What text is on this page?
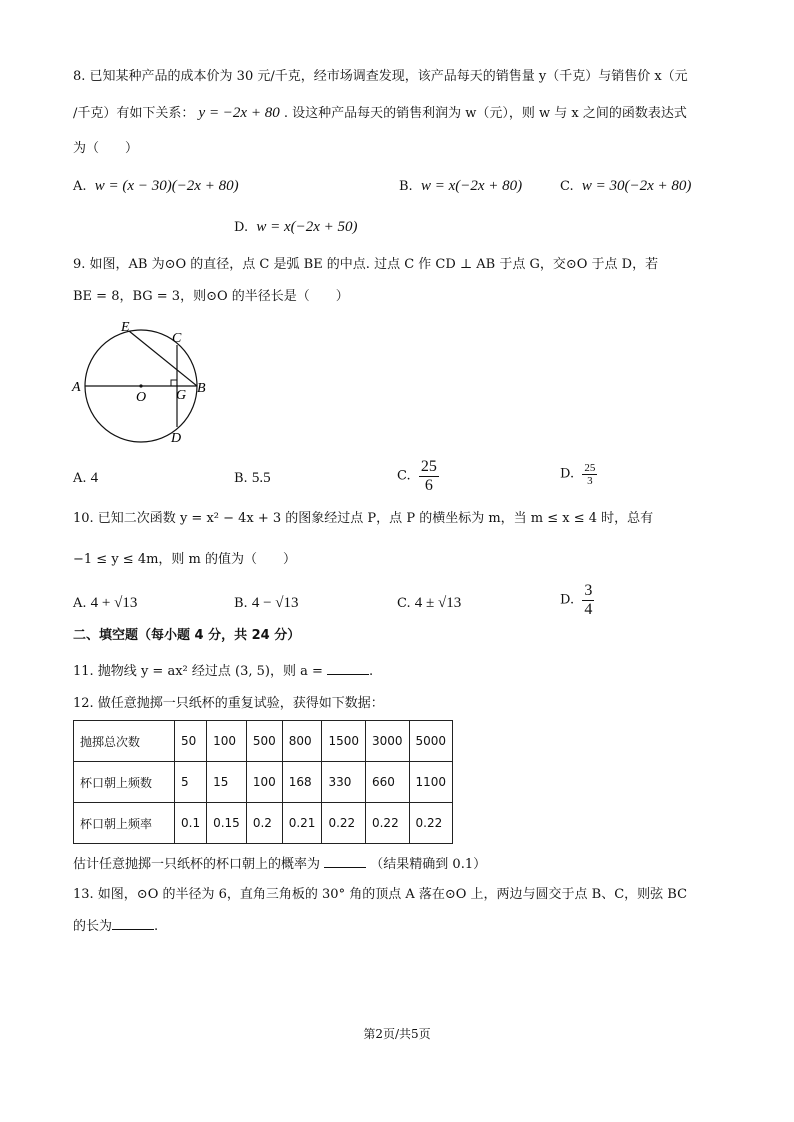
8. 已知某种产品的成本价为 30 元/千克，经市场调查发现，该产品每天的销售量 y（千克）与销售价 x（元
/千克）有如下关系： y = −2x + 80 . 设这种产品每天的销售利润为 w（元），则 w 与 x 之间的函数表达式
为（　　）
A. w = (x − 30)(−2x + 80)	B. w = x(−2x + 80)	C. w = 30(−2x + 80)
D. w = x(−2x + 50)
9. 如图，AB 为⊙O 的直径，点 C 是弧 BE 的中点. 过点 C 作 CD ⊥ AB 于点 G，交⊙O 于点 D，若
BE = 8，BG = 3，则⊙O 的半径长是（　　）
E
C
A
O G B
D
A. 4	B. 5.5	C. $\frac{25}{6}$	D. $\frac{25}{3}$
10. 已知二次函数 y = x² − 4x + 3 的图象经过点 P，点 P 的横坐标为 m，当 m ≤ x ≤ 4 时，总有
−1 ≤ y ≤ 4m，则 m 的值为（　　）
A. 4 + √13	B. 4 − √13	C. 4 ± √13	D. $\frac{3}{4}$
二、填空题（每小题 4 分，共 24 分）
11. 抛物线 y = ax² 经过点 (3, 5)，则 a =	.
12. 做任意抛掷一只纸杯的重复试验，获得如下数据：
抛掷总次数	50	100	500	800	1500	3000	5000
杯口朝上频数	5	15	100	168	330	660	1100
杯口朝上频率	0.1	0.15	0.2	0.21	0.22	0.22	0.22
估计任意抛掷一只纸杯的杯口朝上的概率为	（结果精确到 0.1）
13. 如图，⊙O 的半径为 6，直角三角板的 30° 角的顶点 A 落在⊙O 上，两边与圆交于点 B、C，则弦 BC
的长为	.
第2页/共5页
